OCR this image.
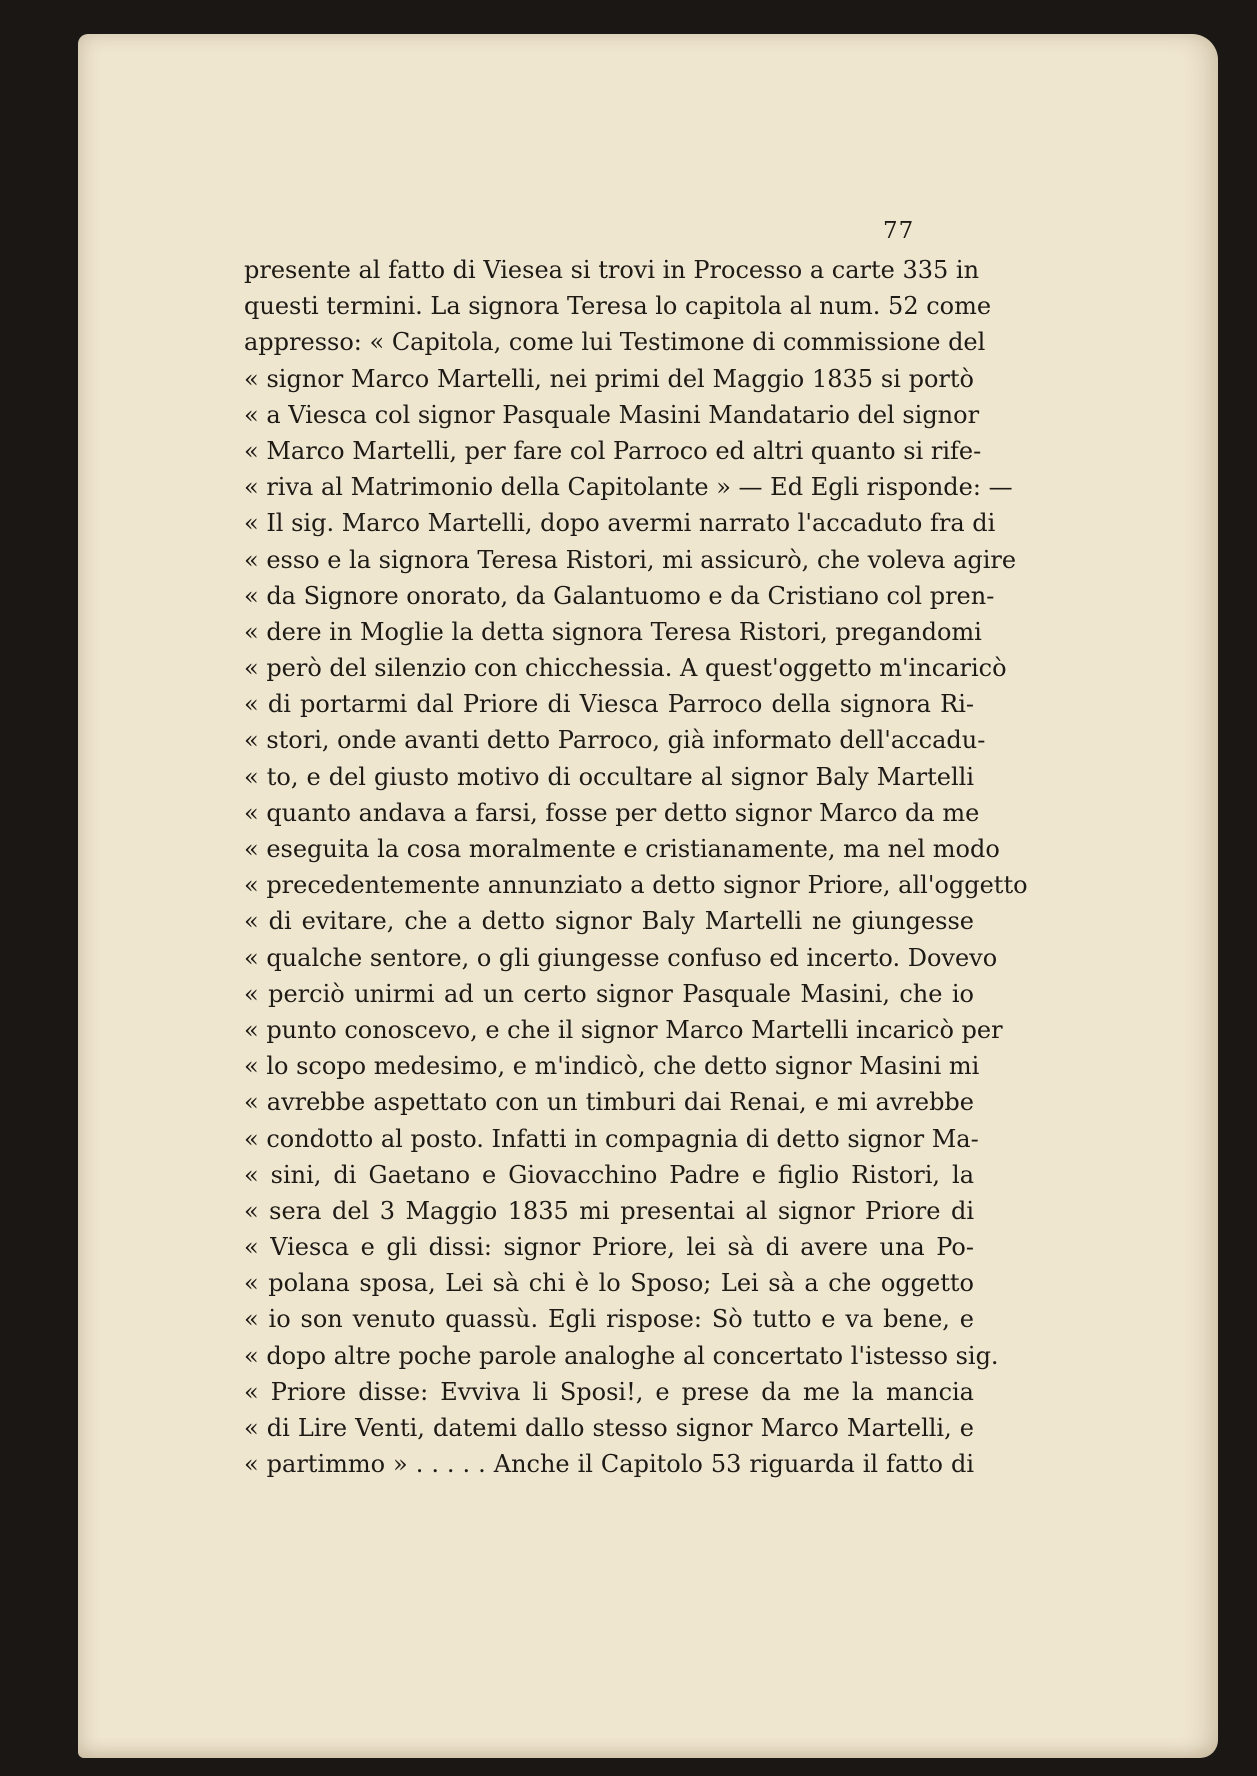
77
presente al fatto di Viesea si trovi in Processo a carte 335 in
questi termini. La signora Teresa lo capitola al num. 52 come
appresso: « Capitola, come lui Testimone di commissione del
« signor Marco Martelli, nei primi del Maggio 1835 si portò
« a Viesca col signor Pasquale Masini Mandatario del signor
« Marco Martelli, per fare col Parroco ed altri quanto si rife-
« riva al Matrimonio della Capitolante » — Ed Egli risponde: —
« Il sig. Marco Martelli, dopo avermi narrato l'accaduto fra di
« esso e la signora Teresa Ristori, mi assicurò, che voleva agire
« da Signore onorato, da Galantuomo e da Cristiano col pren-
« dere in Moglie la detta signora Teresa Ristori, pregandomi
« però del silenzio con chicchessia. A quest'oggetto m'incaricò
« di portarmi dal Priore di Viesca Parroco della signora Ri-
« stori, onde avanti detto Parroco, già informato dell'accadu-
« to, e del giusto motivo di occultare al signor Baly Martelli
« quanto andava a farsi, fosse per detto signor Marco da me
« eseguita la cosa moralmente e cristianamente, ma nel modo
« precedentemente annunziato a detto signor Priore, all'oggetto
« di evitare, che a detto signor Baly Martelli ne giungesse
« qualche sentore, o gli giungesse confuso ed incerto. Dovevo
« perciò unirmi ad un certo signor Pasquale Masini, che io
« punto conoscevo, e che il signor Marco Martelli incaricò per
« lo scopo medesimo, e m'indicò, che detto signor Masini mi
« avrebbe aspettato con un timburi dai Renai, e mi avrebbe
« condotto al posto. Infatti in compagnia di detto signor Ma-
« sini, di Gaetano e Giovacchino Padre e figlio Ristori, la
« sera del 3 Maggio 1835 mi presentai al signor Priore di
« Viesca e gli dissi: signor Priore, lei sà di avere una Po-
« polana sposa, Lei sà chi è lo Sposo; Lei sà a che oggetto
« io son venuto quassù. Egli rispose: Sò tutto e va bene, e
« dopo altre poche parole analoghe al concertato l'istesso sig.
« Priore disse: Evviva li Sposi!, e prese da me la mancia
« di Lire Venti, datemi dallo stesso signor Marco Martelli, e
« partimmo » . . . . . Anche il Capitolo 53 riguarda il fatto di
